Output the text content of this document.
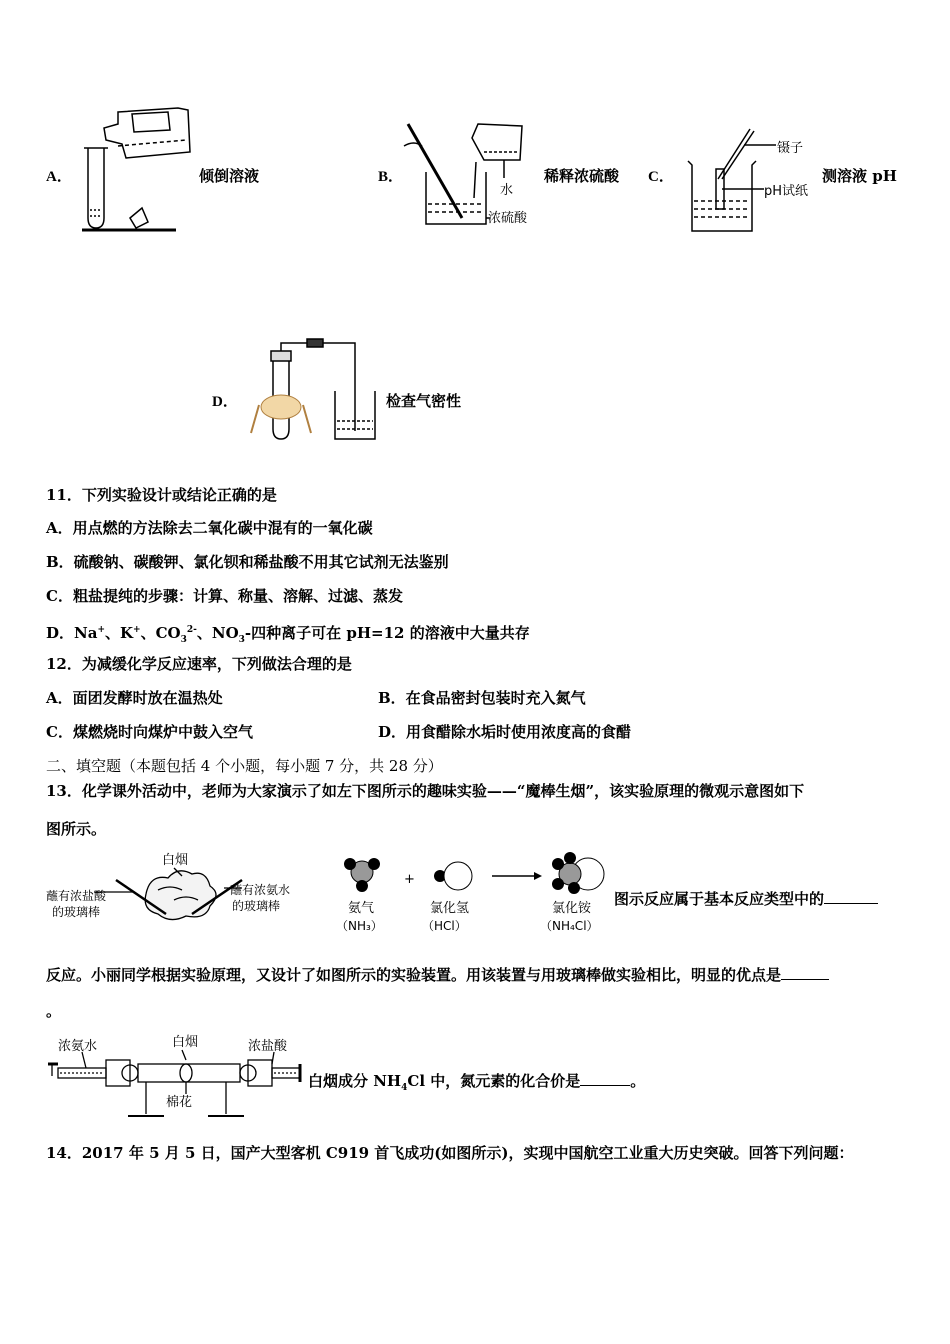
A．	倾倒溶液	B．
水
浓硫酸
稀释浓硫酸 C．
镊子
pH试纸
测溶液 pH
D．	检查气密性
11．下列实验设计或结论正确的是
A．用点燃的方法除去二氧化碳中混有的一氧化碳
B．硫酸钠、碳酸钾、氯化钡和稀盐酸不用其它试剂无法鉴别
C．粗盐提纯的步骤：计算、称量、溶解、过滤、蒸发
D．Na+、K+、$CO_3^{2-}$、$NO_3-$四种离子可在 pH=12 的溶液中大量共存
12．为减缓化学反应速率，下列做法合理的是
A．面团发酵时放在温热处	B．在食品密封包装时充入氮气
C．煤燃烧时向煤炉中鼓入空气	D．用食醋除水垢时使用浓度高的食醋
二、填空题（本题包括 4 个小题，每小题 7 分，共 28 分）
13．化学课外活动中，老师为大家演示了如左下图所示的趣味实验——“魔棒生烟”，该实验原理的微观示意图如下
图所示。
白烟
蘸有浓盐酸
的玻璃棒
蘸有浓氨水
的玻璃棒
+
氨气
（NH₃）
氯化氢
（HCl）
氯化铵
（NH₄Cl）
图示反应属于基本反应类型中的
反应。小丽同学根据实验原理，又设计了如图所示的实验装置。用该装置与用玻璃棒做实验相比，明显的优点是
。
浓氨水	白烟	浓盐酸
棉花
白烟成分 $NH_4Cl$ 中，氮元素的化合价是	。
14．2017 年 5 月 5 日，国产大型客机 C919 首飞成功(如图所示)，实现中国航空工业重大历史突破。回答下列问题：
